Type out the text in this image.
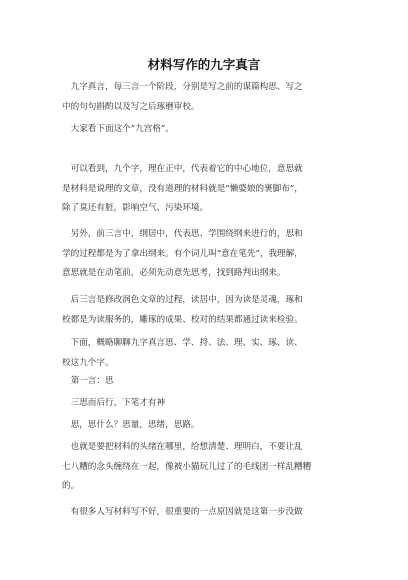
材料写作的九字真言
　九字真言，每三言一个阶段，分别是写之前的谋篇构思、写之
中的句句斟酌以及写之后琢磨审校。
　大家看下面这个“九宫格”。
　可以看到，九个字，理在正中，代表着它的中心地位，意思就
是材料是说理的文章，没有道理的材料就是“懒婆娘的裹脚布”，
除了臭还有脏，影响空气、污染环境。
　另外，前三言中，纲居中，代表思、学围绕纲来进行的，思和
学的过程都是为了拿出纲来。有个词儿叫“意在笔先”，我理解，
意思就是在动笔前，必须先动意先思考，找到路判出纲来。
　后三言是修改润色文章的过程，读居中，因为读是灵魂，琢和
校都是为读服务的，雕琢的成果、校对的结果都通过读来检验。
　下面，概略聊聊九字真言思、学、捋、法、理、实、琢、读、
校这九个字。
　第一言：思
　三思而后行，下笔才有神
　思，思什么？思量，思绪，思路。
　也就是要把材料的头绪在哪里，给想清楚、理明白，不要让乱
七八糟的念头缠绕在一起，像被小猫玩儿过了的毛线团一样乱糟糟
的。
　有很多人写材料写不好，很重要的一点原因就是这第一步没做
